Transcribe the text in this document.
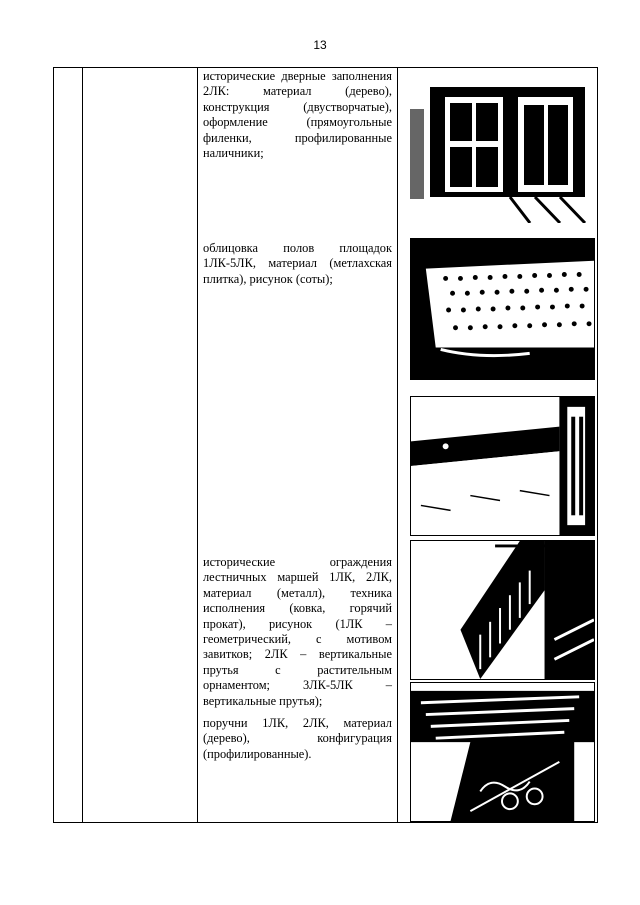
13
исторические дверные заполнения 2ЛК: материал (дерево), конструкция (двустворчатые), оформление (прямоугольные филенки, профилированные наличники;
облицовка полов площадок 1ЛК-5ЛК, материал (метлахская плитка), рисунок (соты);
исторические ограждения лестничных маршей 1ЛК, 2ЛК, материал (металл), техника исполнения (ковка, горячий прокат), рисунок (1ЛК – геометрический, с мотивом завитков; 2ЛК – вертикальные прутья с растительным орнаментом; 3ЛК-5ЛК – вертикальные прутья);
поручни 1ЛК, 2ЛК, материал (дерево), конфигурация (профилированные).
